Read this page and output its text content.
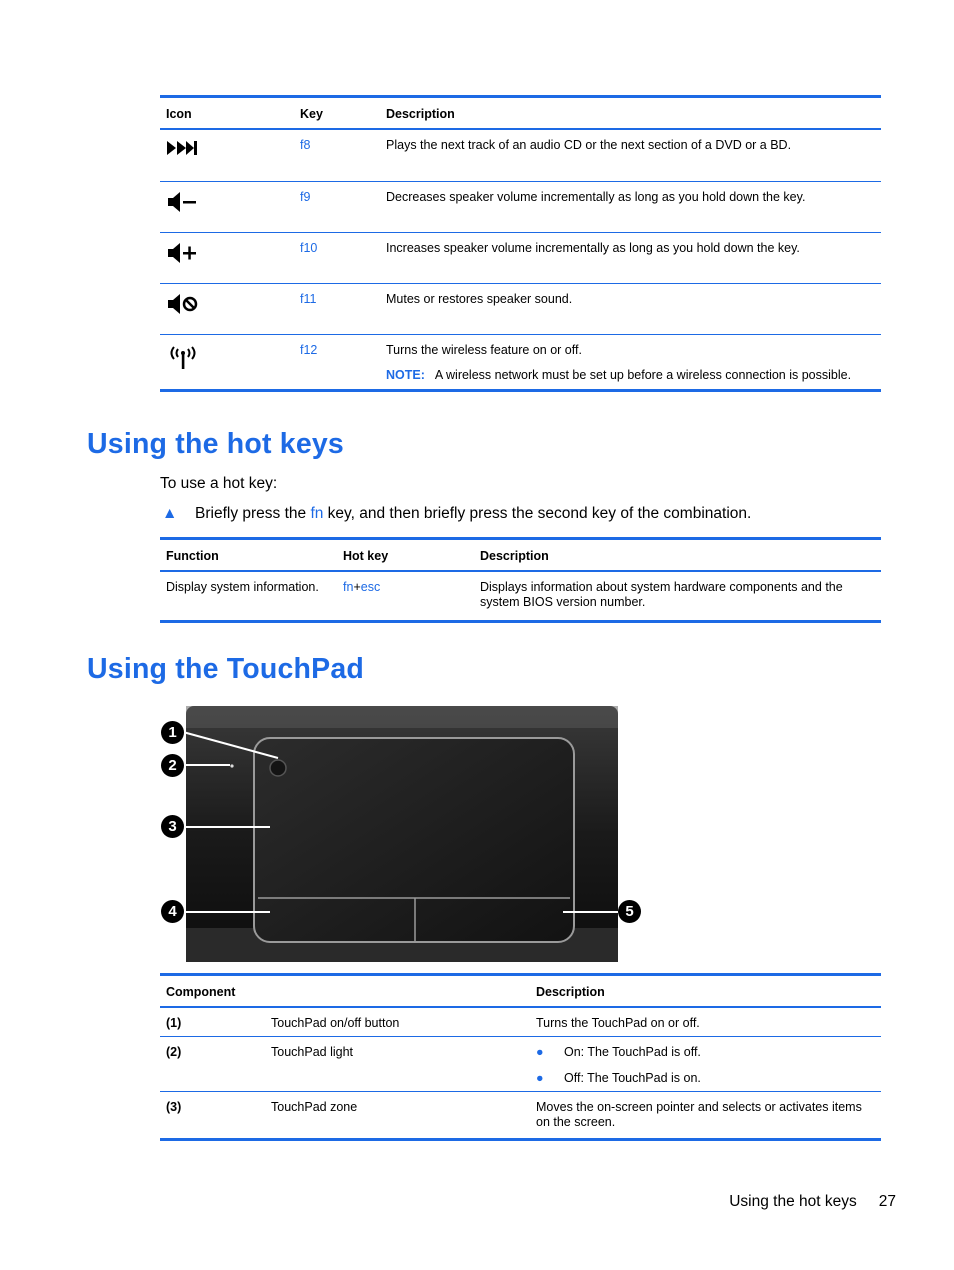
Icon	Key	Description

	f8	Plays the next track of an audio CD or the next section of a DVD or a BD.

	f9	Decreases speaker volume incrementally as long as you hold down the key.

	f10	Increases speaker volume incrementally as long as you hold down the key.

	f11	Mutes or restores speaker sound.

	f12	Turns the wireless feature on or off.
NOTE: A wireless network must be set up before a wireless connection is possible.
Using the hot keys
To use a hot key:
▲ Briefly press the fn key, and then briefly press the second key of the combination.
Function	Hot key	Description
Display system information.	fn+esc	Displays information about system hardware components and the system BIOS version number.
Using the TouchPad
1
2
3
4	5
Component		Description
(1)	TouchPad on/off button	Turns the TouchPad on or off.
(2)	TouchPad light	● On: The TouchPad is off.
● Off: The TouchPad is on.

(3)	TouchPad zone	Moves the on-screen pointer and selects or activates items on the screen.
Using the hot keys 27
